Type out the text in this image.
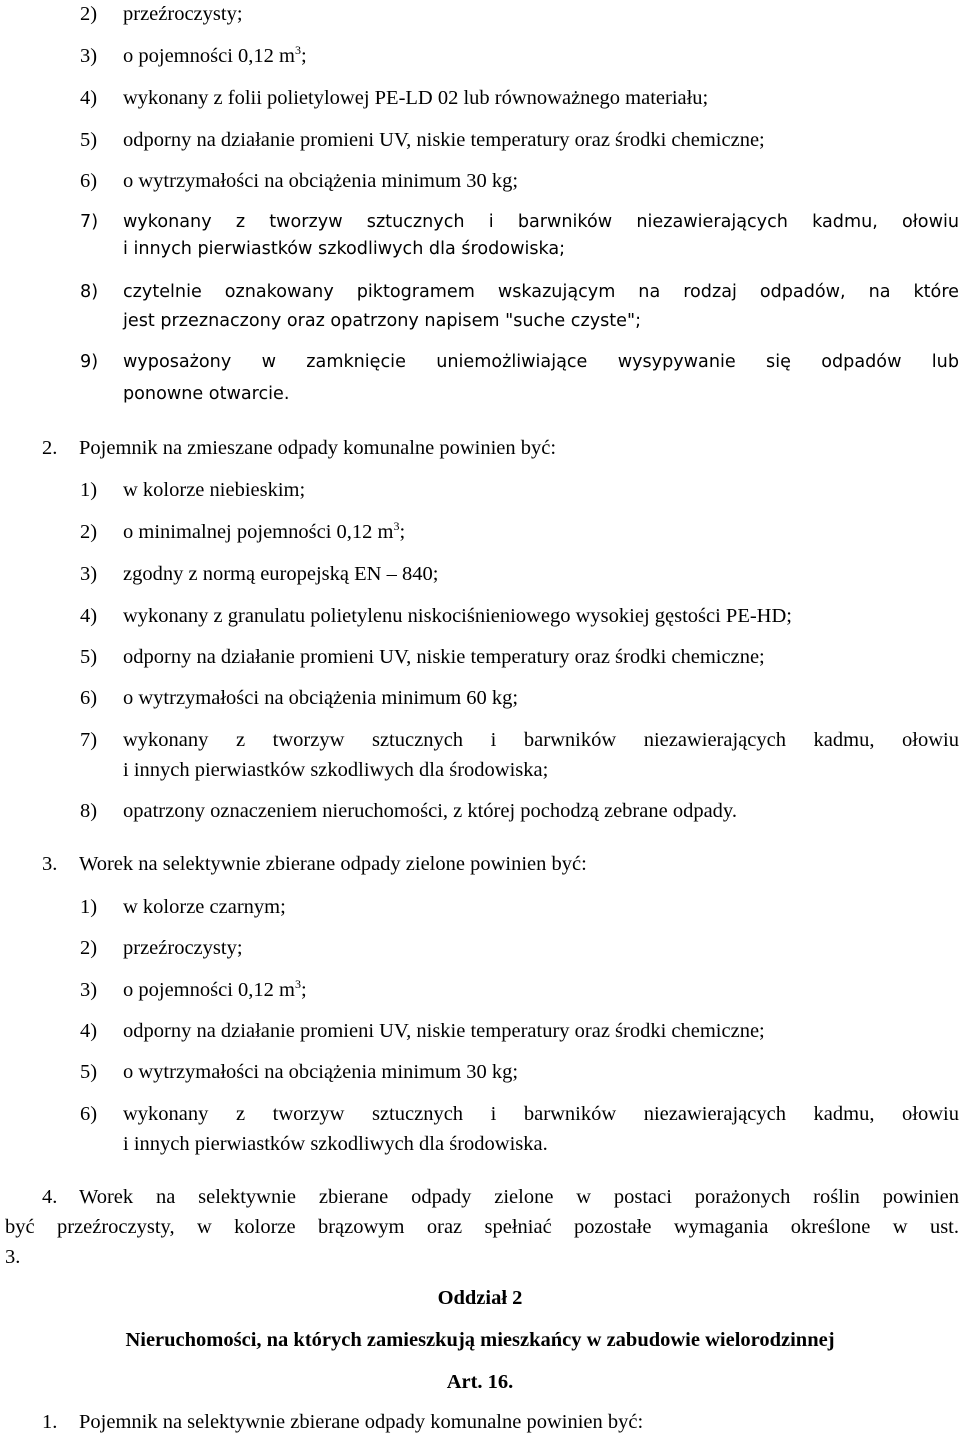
2) przeźroczysty;
3) o pojemności 0,12 $m^3$;
4) wykonany z folii polietylowej PE-LD 02 lub równoważnego materiału;
5) odporny na działanie promieni UV, niskie temperatury oraz środki chemiczne;
6) o wytrzymałości na obciążenia minimum 30 kg;
7) wykonany z tworzyw sztucznych i barwników niezawierających kadmu, ołowiu
i innych pierwiastków szkodliwych dla środowiska;
8) czytelnie oznakowany piktogramem wskazującym na rodzaj odpadów, na które
jest przeznaczony oraz opatrzony napisem "suche czyste";
9) wyposażony w zamknięcie uniemożliwiające wysypywanie się odpadów lub
ponowne otwarcie.
2. Pojemnik na zmieszane odpady komunalne powinien być:
1) w kolorze niebieskim;
2) o minimalnej pojemności 0,12 $m^3$;
3) zgodny z normą europejską EN – 840;
4) wykonany z granulatu polietylenu niskociśnieniowego wysokiej gęstości PE-HD;
5) odporny na działanie promieni UV, niskie temperatury oraz środki chemiczne;
6) o wytrzymałości na obciążenia minimum 60 kg;
7) wykonany z tworzyw sztucznych i barwników niezawierających kadmu, ołowiu
i innych pierwiastków szkodliwych dla środowiska;
8) opatrzony oznaczeniem nieruchomości, z której pochodzą zebrane odpady.
3. Worek na selektywnie zbierane odpady zielone powinien być:
1) w kolorze czarnym;
2) przeźroczysty;
3) o pojemności 0,12 $m^3$;
4) odporny na działanie promieni UV, niskie temperatury oraz środki chemiczne;
5) o wytrzymałości na obciążenia minimum 30 kg;
6) wykonany z tworzyw sztucznych i barwników niezawierających kadmu, ołowiu
i innych pierwiastków szkodliwych dla środowiska.
4. Worek na selektywnie zbierane odpady zielone w postaci porażonych roślin powinien
być przeźroczysty, w kolorze brązowym oraz spełniać pozostałe wymagania określone w ust.
3.
Oddział 2
Nieruchomości, na których zamieszkują mieszkańcy w zabudowie wielorodzinnej
Art. 16.
1. Pojemnik na selektywnie zbierane odpady komunalne powinien być:
